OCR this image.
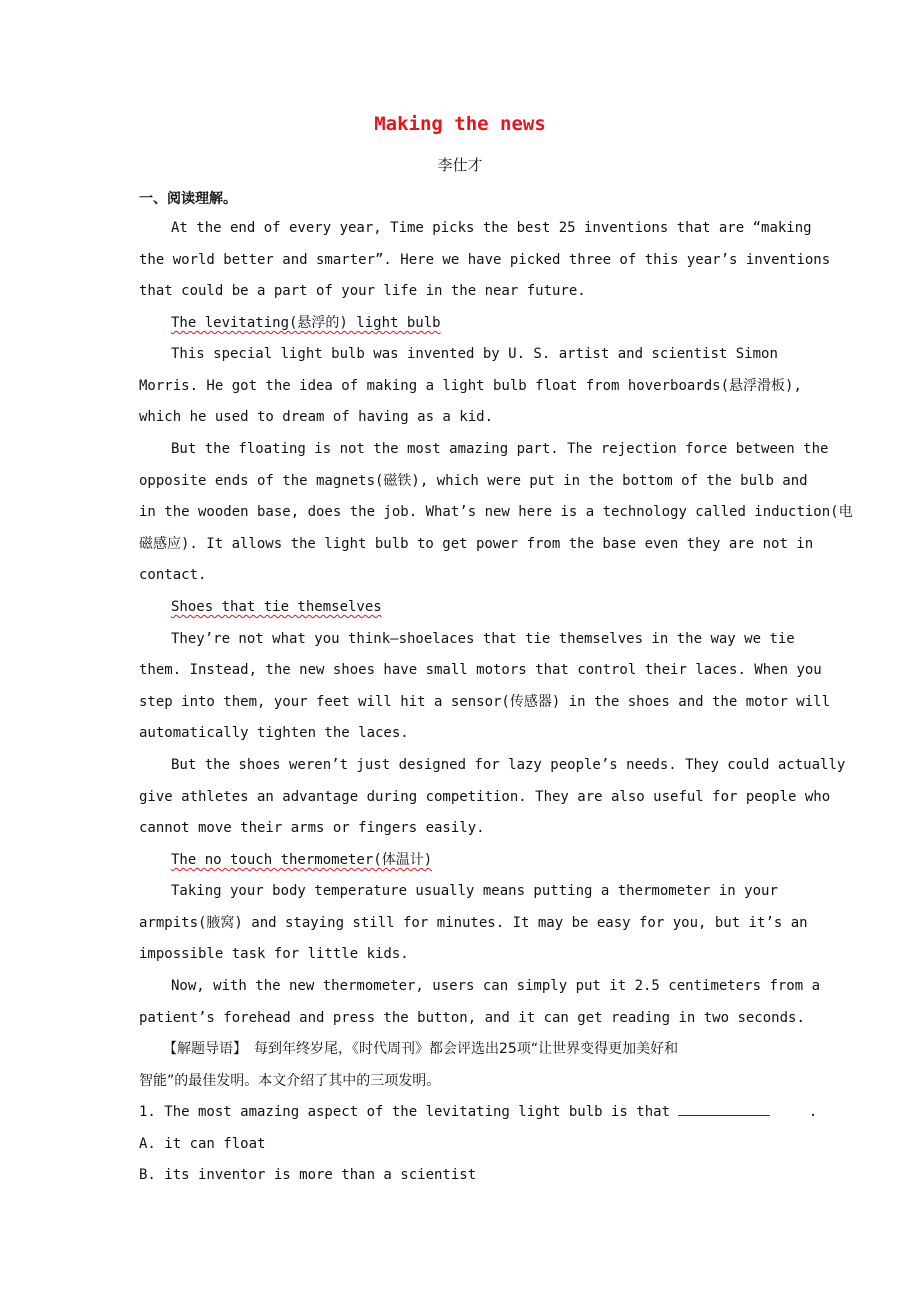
Making the news
李仕才
一、阅读理解。
At the end of every year, Time picks the best 25 inventions that are “making
the world better and smarter”. Here we have picked three of this year’s inventions
that could be a part of your life in the near future.
The levitating(悬浮的) light bulb
This special light bulb was invented by U. S. artist and scientist Simon
Morris. He got the idea of making a light bulb float from hoverboards(悬浮滑板),
which he used to dream of having as a kid.
But the floating is not the most amazing part. The rejection force between the
opposite ends of the magnets(磁铁), which were put in the bottom of the bulb and
in the wooden base, does the job. What’s new here is a technology called induction(电
磁感应). It allows the light bulb to get power from the base even they are not in
contact.
Shoes that tie themselves
They’re not what you think—shoelaces that tie themselves in the way we tie
them. Instead, the new shoes have small motors that control their laces. When you
step into them, your feet will hit a sensor(传感器) in the shoes and the motor will
automatically tighten the laces.
But the shoes weren’t just designed for lazy people’s needs. They could actually
give athletes an advantage during competition. They are also useful for people who
cannot move their arms or fingers easily.
The no touch thermometer(体温计)
Taking your body temperature usually means putting a thermometer in your
armpits(腋窝) and staying still for minutes. It may be easy for you, but it’s an
impossible task for little kids.
Now, with the new thermometer, users can simply put it 2.5 centimeters from a
patient’s forehead and press the button, and it can get reading in two seconds.
【解题导语】　每到年终岁尾，《时代周刊》都会评选出25项“让世界变得更加美好和
智能”的最佳发明。本文介绍了其中的三项发明。
1. The most amazing aspect of the levitating light bulb is that	.
A. it can float
B. its inventor is more than a scientist
